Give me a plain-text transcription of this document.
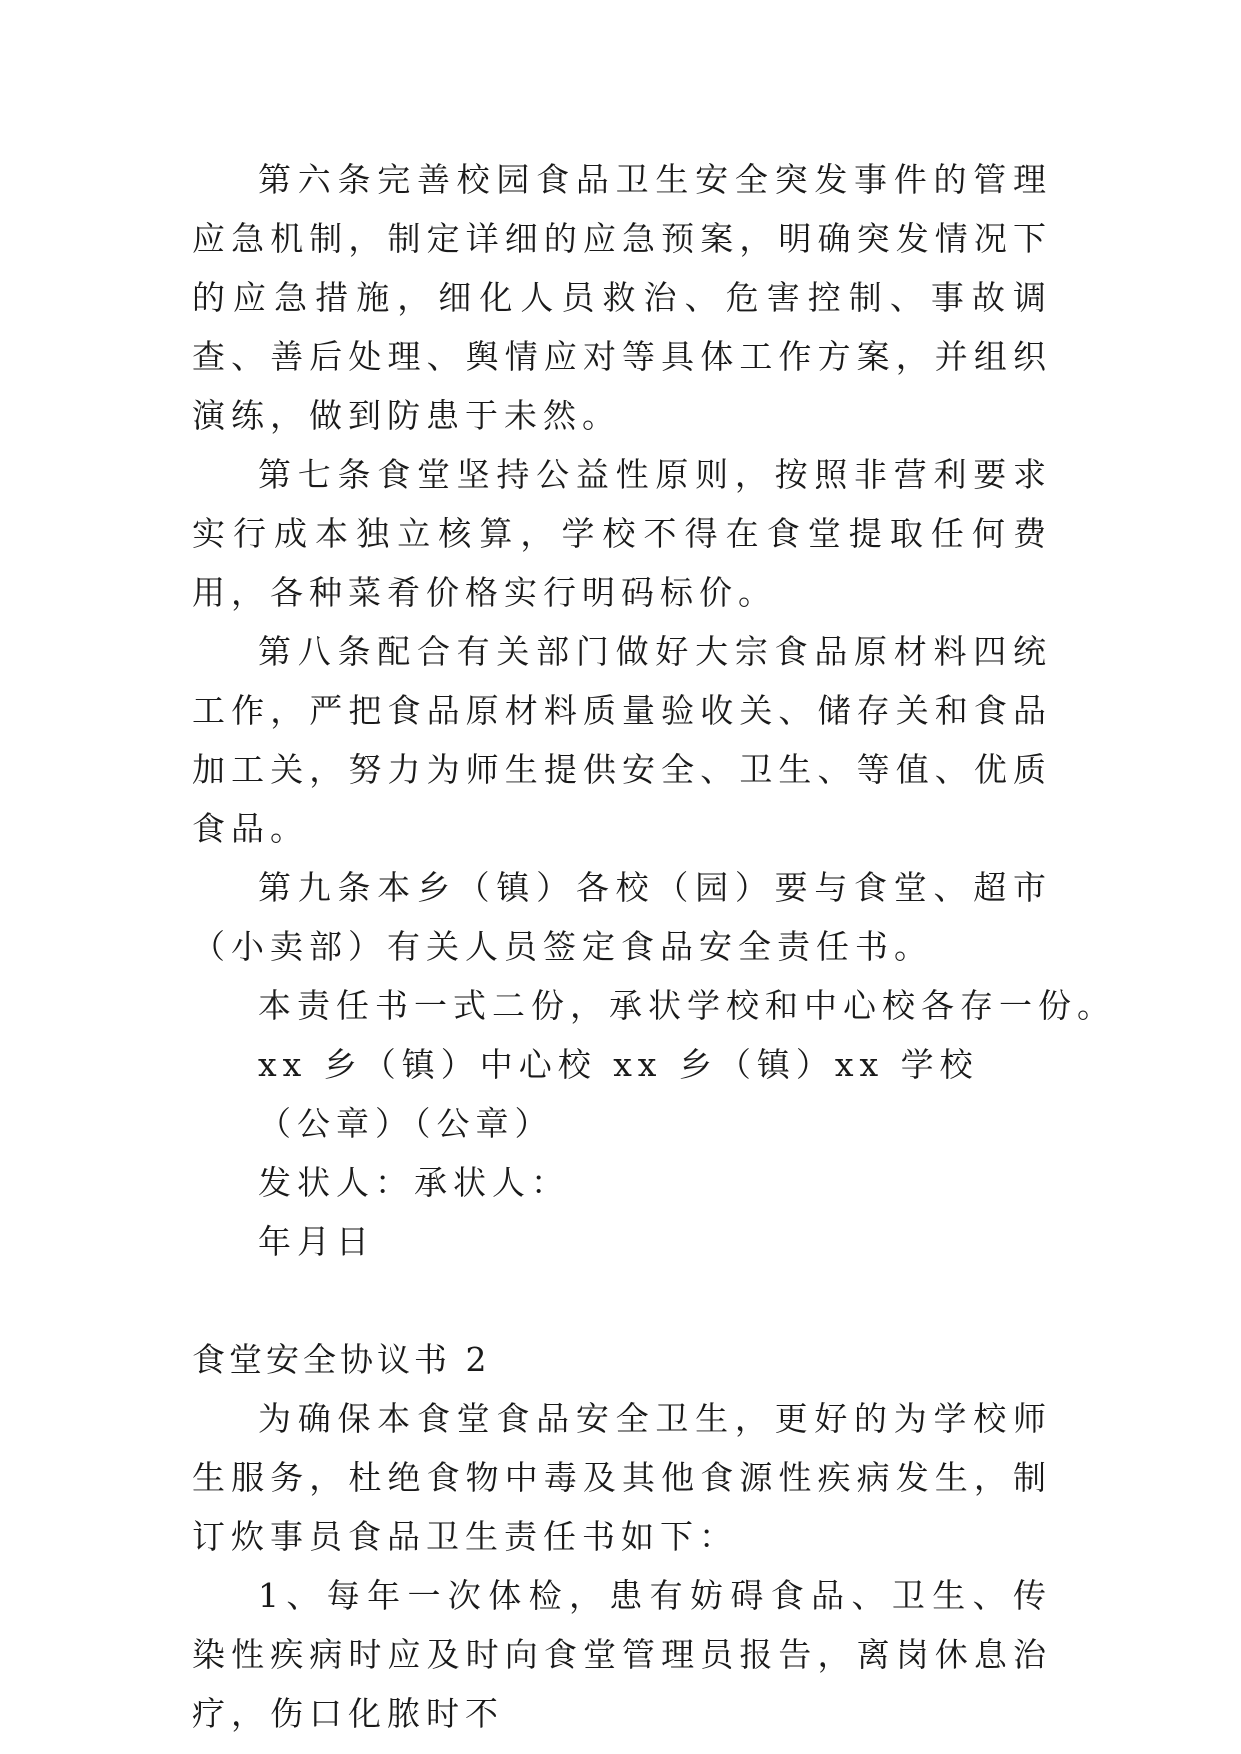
第六条完善校园食品卫生安全突发事件的管理应急机制，制定详细的应急预案，明确突发情况下的应急措施，细化人员救治、危害控制、事故调查、善后处理、舆情应对等具体工作方案，并组织演练，做到防患于未然。

第七条食堂坚持公益性原则，按照非营利要求实行成本独立核算，学校不得在食堂提取任何费用，各种菜肴价格实行明码标价。

第八条配合有关部门做好大宗食品原材料四统工作，严把食品原材料质量验收关、储存关和食品加工关，努力为师生提供安全、卫生、等值、优质食品。

第九条本乡（镇）各校（园）要与食堂、超市（小卖部）有关人员签定食品安全责任书。

本责任书一式二份，承状学校和中心校各存一份。

xx 乡（镇）中心校 xx 乡（镇）xx 学校

（公章）（公章）

发状人：承状人：

年月日

食堂安全协议书 2

为确保本食堂食品安全卫生，更好的为学校师生服务，杜绝食物中毒及其他食源性疾病发生，制订炊事员食品卫生责任书如下：

1、每年一次体检，患有妨碍食品、卫生、传染性疾病时应及时向食堂管理员报告，离岗休息治疗，伤口化脓时不
